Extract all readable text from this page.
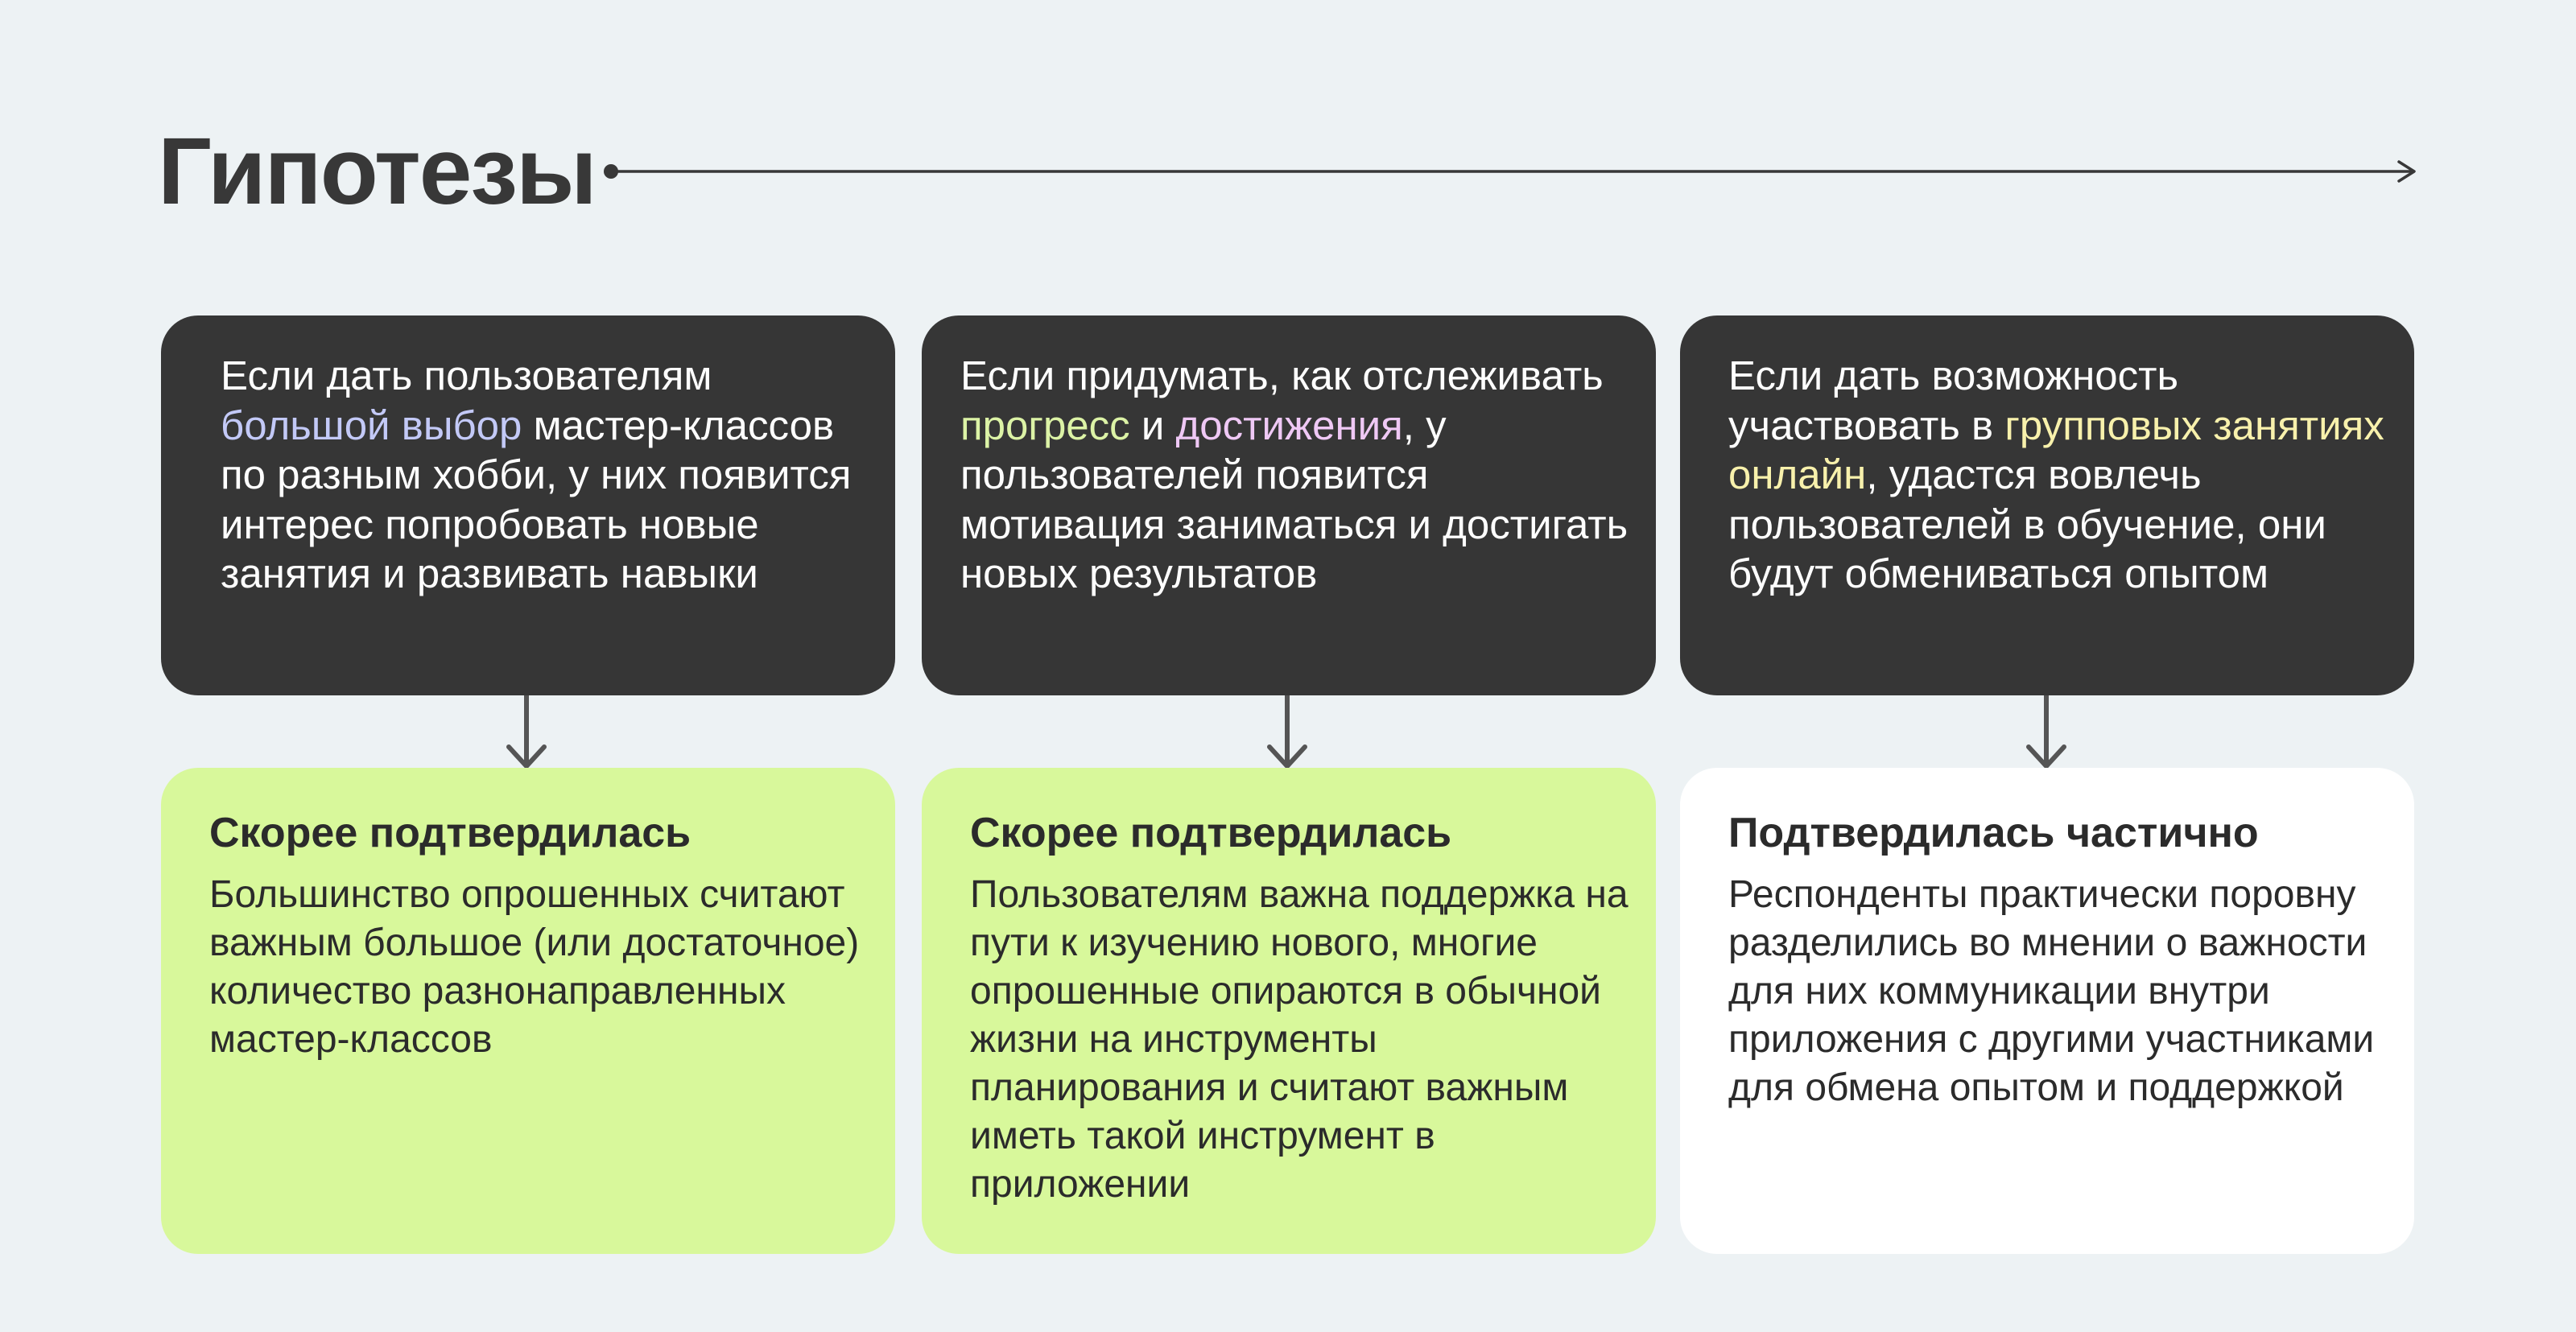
Гипотезы
Если дать пользователям большой выбор мастер-классов по разным хобби, у них появится интерес попробовать новые занятия и развивать навыки
Скорее подтвердилась
Большинство опрошенных считают важным большое (или достаточное) количество разнонаправленных мастер-классов
Если придумать, как отслеживать прогресс и достижения, у пользователей появится мотивация заниматься и достигать новых результатов
Скорее подтвердилась
Пользователям важна поддержка на пути к изучению нового, многие опрошенные опираются в обычной жизни на инструменты планирования и считают важным иметь такой инструмент в приложении
Если дать возможность участвовать в групповых занятиях онлайн, удастся вовлечь пользователей в обучение, они будут обмениваться опытом
Подтвердилась частично
Респонденты практически поровну разделились во мнении о важности для них коммуникации внутри приложения с другими участниками для обмена опытом и поддержкой
